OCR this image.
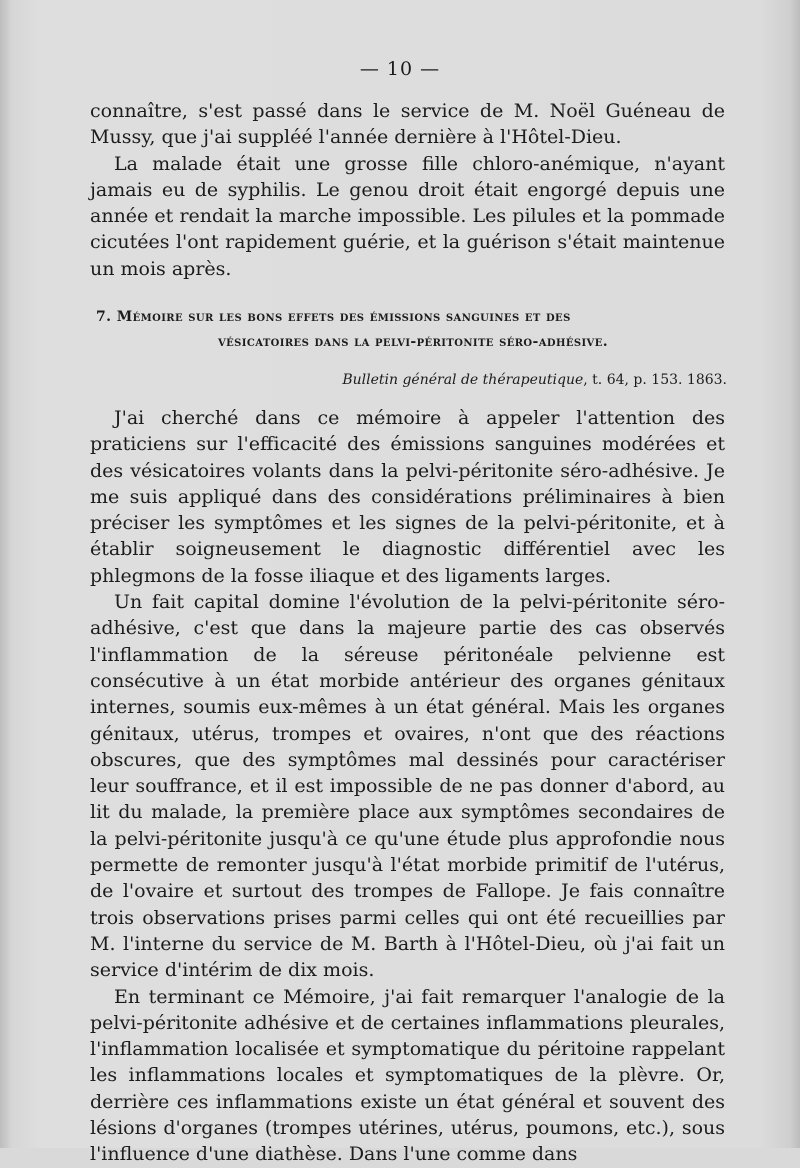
— 10 —

connaître, s'est passé dans le service de M. Noël Guéneau de Mussy, que j'ai suppléé l'année dernière à l'Hôtel-Dieu.

La malade était une grosse fille chloro-anémique, n'ayant jamais eu de syphilis. Le genou droit était engorgé depuis une année et rendait la marche impossible. Les pilules et la pommade cicutées l'ont rapidement guérie, et la guérison s'était maintenue un mois après.

7. Mémoire sur les bons effets des émissions sanguines et des
vésicatoires dans la pelvi-péritonite séro-adhésive.
Bulletin général de thérapeutique, t. 64, p. 153. 1863.

J'ai cherché dans ce mémoire à appeler l'attention des praticiens sur l'efficacité des émissions sanguines modérées et des vésicatoires volants dans la pelvi-péritonite séro-adhésive. Je me suis appliqué dans des considérations préliminaires à bien préciser les symptômes et les signes de la pelvi-péritonite, et à établir soigneusement le diagnostic différentiel avec les phlegmons de la fosse iliaque et des ligaments larges.

Un fait capital domine l'évolution de la pelvi-péritonite séro-adhésive, c'est que dans la majeure partie des cas observés l'inflammation de la séreuse péritonéale pelvienne est consécutive à un état morbide antérieur des organes génitaux internes, soumis eux-mêmes à un état général. Mais les organes génitaux, utérus, trompes et ovaires, n'ont que des réactions obscures, que des symptômes mal dessinés pour caractériser leur souffrance, et il est impossible de ne pas donner d'abord, au lit du malade, la première place aux symptômes secondaires de la pelvi-péritonite jusqu'à ce qu'une étude plus approfondie nous permette de remonter jusqu'à l'état morbide primitif de l'utérus, de l'ovaire et surtout des trompes de Fallope. Je fais connaître trois observations prises parmi celles qui ont été recueillies par M. l'interne du service de M. Barth à l'Hôtel-Dieu, où j'ai fait un service d'intérim de dix mois.

En terminant ce Mémoire, j'ai fait remarquer l'analogie de la pelvi-péritonite adhésive et de certaines inflammations pleurales, l'inflammation localisée et symptomatique du péritoine rappelant les inflammations locales et symptomatiques de la plèvre. Or, derrière ces inflammations existe un état général et souvent des lésions d'organes (trompes utérines, utérus, poumons, etc.), sous l'influence d'une diathèse. Dans l'une comme dans
